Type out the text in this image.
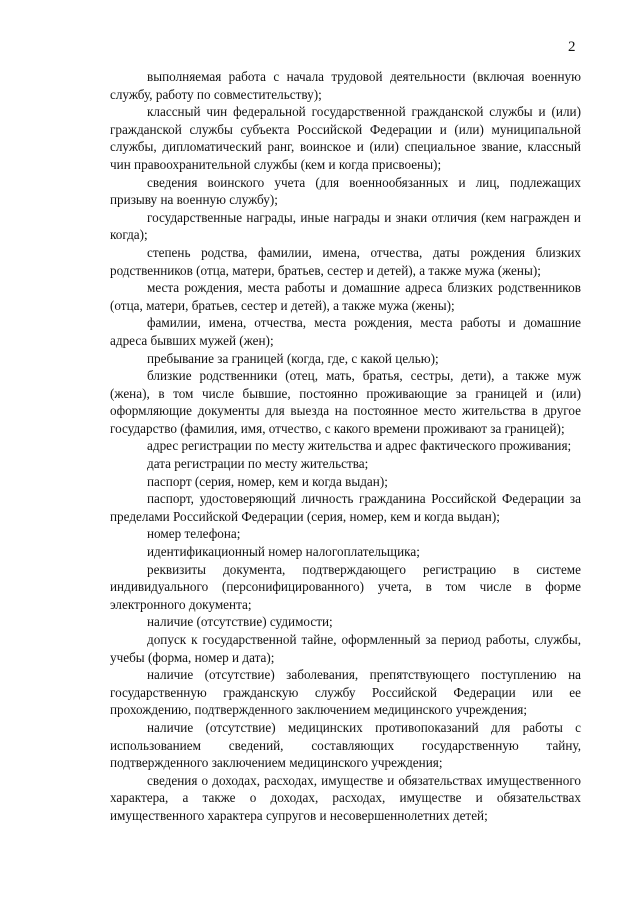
2

выполняемая работа с начала трудовой деятельности (включая военную службу, работу по совместительству);

классный чин федеральной государственной гражданской службы и (или) гражданской службы субъекта Российской Федерации и (или) муниципальной службы, дипломатический ранг, воинское и (или) специальное звание, классный чин правоохранительной службы (кем и когда присвоены);

сведения воинского учета (для военнообязанных и лиц, подлежащих призыву на военную службу);

государственные награды, иные награды и знаки отличия (кем награжден и когда);

степень родства, фамилии, имена, отчества, даты рождения близких родственников (отца, матери, братьев, сестер и детей), а также мужа (жены);

места рождения, места работы и домашние адреса близких родственников (отца, матери, братьев, сестер и детей), а также мужа (жены);

фамилии, имена, отчества, места рождения, места работы и домашние адреса бывших мужей (жен);

пребывание за границей (когда, где, с какой целью);

близкие родственники (отец, мать, братья, сестры, дети), а также муж (жена), в том числе бывшие, постоянно проживающие за границей и (или) оформляющие документы для выезда на постоянное место жительства в другое государство (фамилия, имя, отчество, с какого времени проживают за границей);

адрес регистрации по месту жительства и адрес фактического проживания;

дата регистрации по месту жительства;

паспорт (серия, номер, кем и когда выдан);

паспорт, удостоверяющий личность гражданина Российской Федерации за пределами Российской Федерации (серия, номер, кем и когда выдан);

номер телефона;

идентификационный номер налогоплательщика;

реквизиты документа, подтверждающего регистрацию в системе индивидуального (персонифицированного) учета, в том числе в форме электронного документа;

наличие (отсутствие) судимости;

допуск к государственной тайне, оформленный за период работы, службы, учебы (форма, номер и дата);

наличие (отсутствие) заболевания, препятствующего поступлению на государственную гражданскую службу Российской Федерации или ее прохождению, подтвержденного заключением медицинского учреждения;

наличие (отсутствие) медицинских противопоказаний для работы с использованием сведений, составляющих государственную тайну, подтвержденного заключением медицинского учреждения;

сведения о доходах, расходах, имуществе и обязательствах имущественного характера, а также о доходах, расходах, имуществе и обязательствах имущественного характера супругов и несовершеннолетних детей;
